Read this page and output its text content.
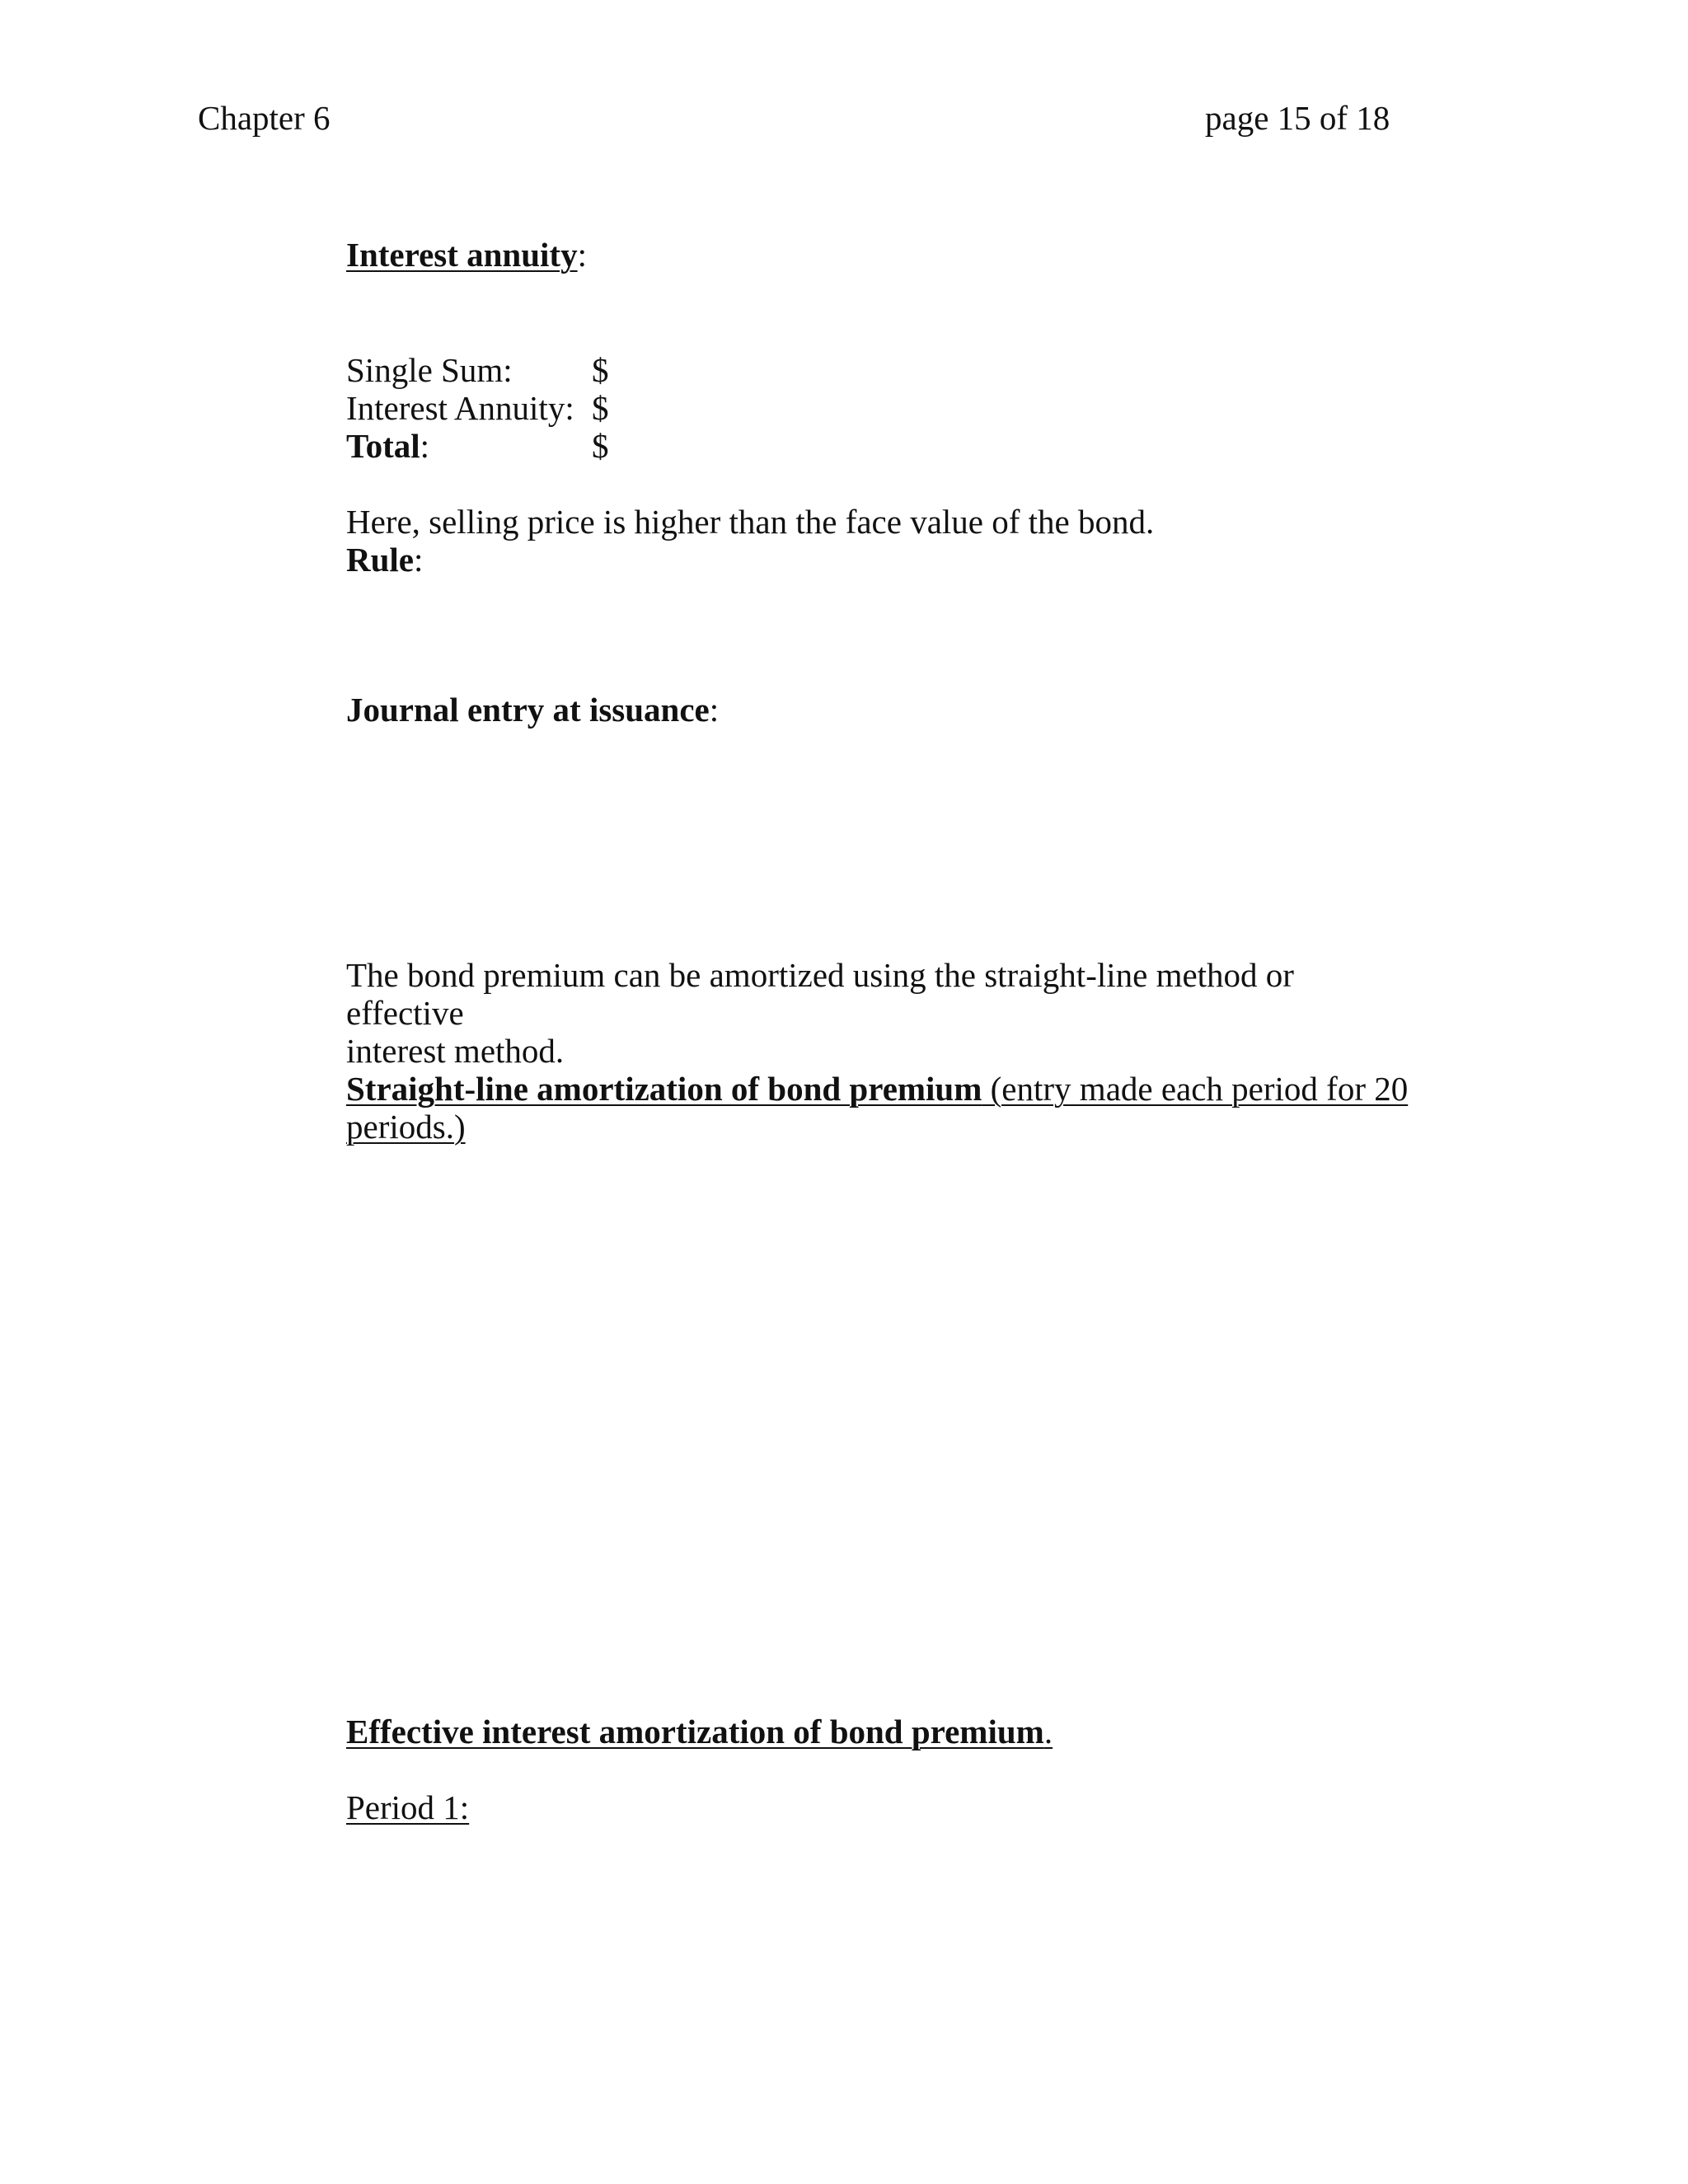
Chapter 6	page 15 of 18
Interest annuity:
Single Sum:	$
Interest Annuity: $
Total:	$
Here, selling price is higher than the face value of the bond.
Rule:
Journal entry at issuance:
The bond premium can be amortized using the straight-line method or effective
interest method.
Straight-line amortization of bond premium (entry made each period for 20
periods.)
Effective interest amortization of bond premium.
Period 1:
